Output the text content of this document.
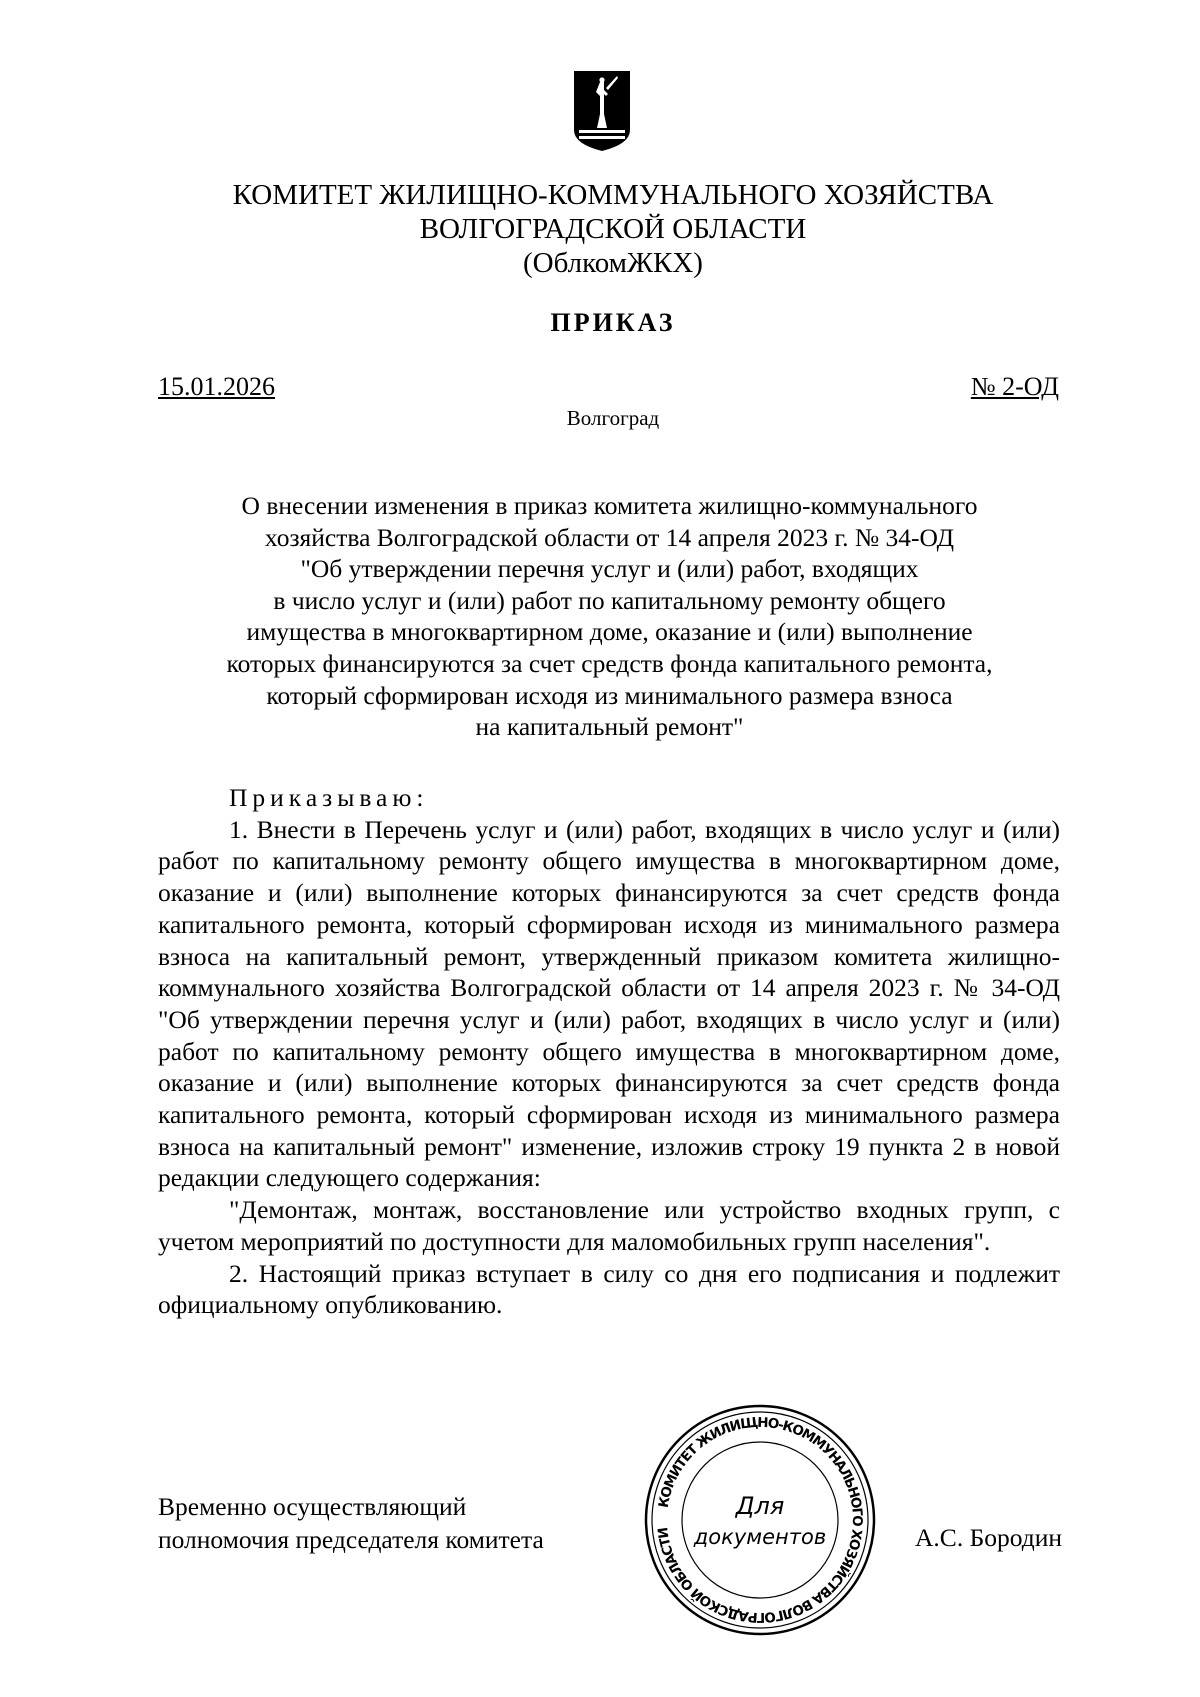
КОМИТЕТ ЖИЛИЩНО-КОММУНАЛЬНОГО ХОЗЯЙСТВА
ВОЛГОГРАДСКОЙ ОБЛАСТИ
(ОблкомЖКХ)
ПРИКАЗ
15.01.2026	№ 2-ОД
Волгоград
О внесении изменения в приказ комитета жилищно-коммунального
хозяйства Волгоградской области от 14 апреля 2023 г. № 34-ОД
"Об утверждении перечня услуг и (или) работ, входящих
в число услуг и (или) работ по капитальному ремонту общего
имущества в многоквартирном доме, оказание и (или) выполнение
которых финансируются за счет средств фонда капитального ремонта,
который сформирован исходя из минимального размера взноса
на капитальный ремонт"

Приказываю:

1. Внести в Перечень услуг и (или) работ, входящих в число услуг и (или) работ по капитальному ремонту общего имущества в многоквартирном доме, оказание и (или) выполнение которых финансируются за счет средств фонда капитального ремонта, который сформирован исходя из минимального размера взноса на капитальный ремонт, утвержденный приказом комитета жилищно-коммунального хозяйства Волгоградской области от 14 апреля 2023 г. № 34-ОД "Об утверждении перечня услуг и (или) работ, входящих в число услуг и (или) работ по капитальному ремонту общего имущества в многоквартирном доме, оказание и (или) выполнение которых финансируются за счет средств фонда капитального ремонта, который сформирован исходя из минимального размера взноса на капитальный ремонт" изменение, изложив строку 19 пункта 2 в новой редакции следующего содержания:

"Демонтаж, монтаж, восстановление или устройство входных групп, с учетом мероприятий по доступности для маломобильных групп населения".

2. Настоящий приказ вступает в силу со дня его подписания и подлежит официальному опубликованию.

Временно осуществляющий
полномочия председателя комитета	А.С. Бородин
КОМИТЕТ ЖИЛИЩНО-КОММУНАЛЬНОГО ХОЗЯЙСТВА ВОЛГОГРАДСКОЙ ОБЛАСТИ
Для
документов
